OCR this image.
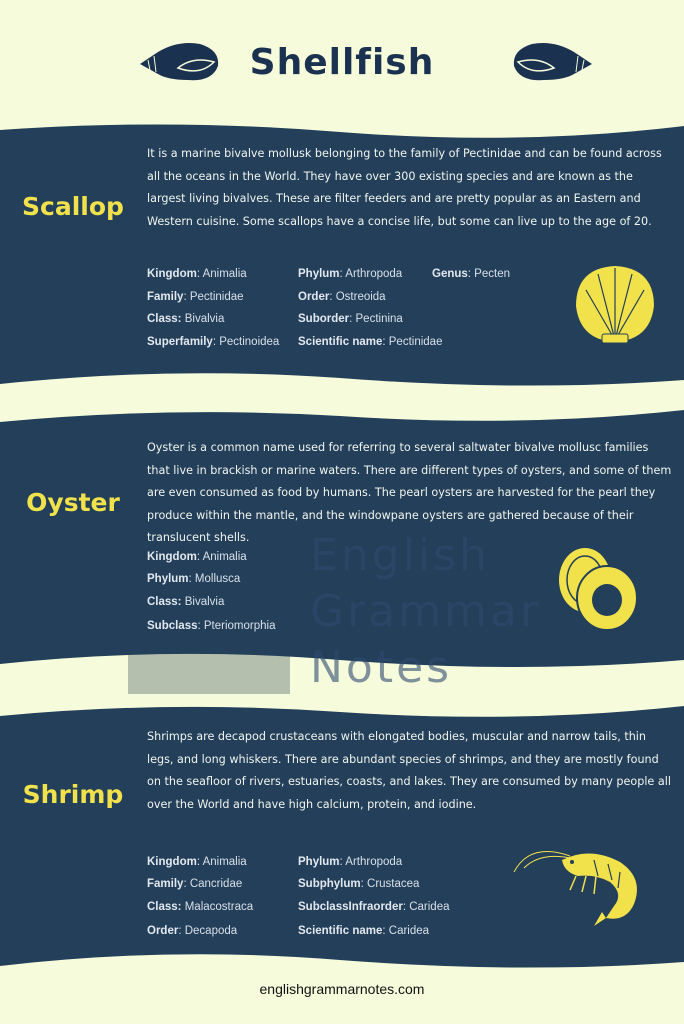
Shellfish
Scallop
It is a marine bivalve mollusk belonging to the family of Pectinidae and can be found across all the oceans in the World. They have over 300 existing species and are known as the largest living bivalves. These are filter feeders and are pretty popular as an Eastern and Western cuisine. Some scallops have a concise life, but some can live up to the age of 20.
Kingdom: Animalia
Family: Pectinidae
Class: Bivalvia
Superfamily: Pectinoidea
Phylum: Arthropoda
Order: Ostreoida
Suborder: Pectinina
Scientific name: Pectinidae
Genus: Pecten
Oyster
Oyster is a common name used for referring to several saltwater bivalve mollusc families that live in brackish or marine waters. There are different types of oysters, and some of them are even consumed as food by humans. The pearl oysters are harvested for the pearl they produce within the mantle, and the windowpane oysters are gathered because of their translucent shells.
Kingdom: Animalia
Phylum: Mollusca
Class: Bivalvia
Subclass: Pteriomorphia
English Grammar Notes
Shrimp
Shrimps are decapod crustaceans with elongated bodies, muscular and narrow tails, thin legs, and long whiskers. There are abundant species of shrimps, and they are mostly found on the seafloor of rivers, estuaries, coasts, and lakes. They are consumed by many people all over the World and have high calcium, protein, and iodine.
Kingdom: Animalia
Family: Cancridae
Class: Malacostraca
Order: Decapoda
Phylum: Arthropoda
Subphylum: Crustacea
SubclassInfraorder: Caridea
Scientific name: Caridea
englishgrammarnotes.com
